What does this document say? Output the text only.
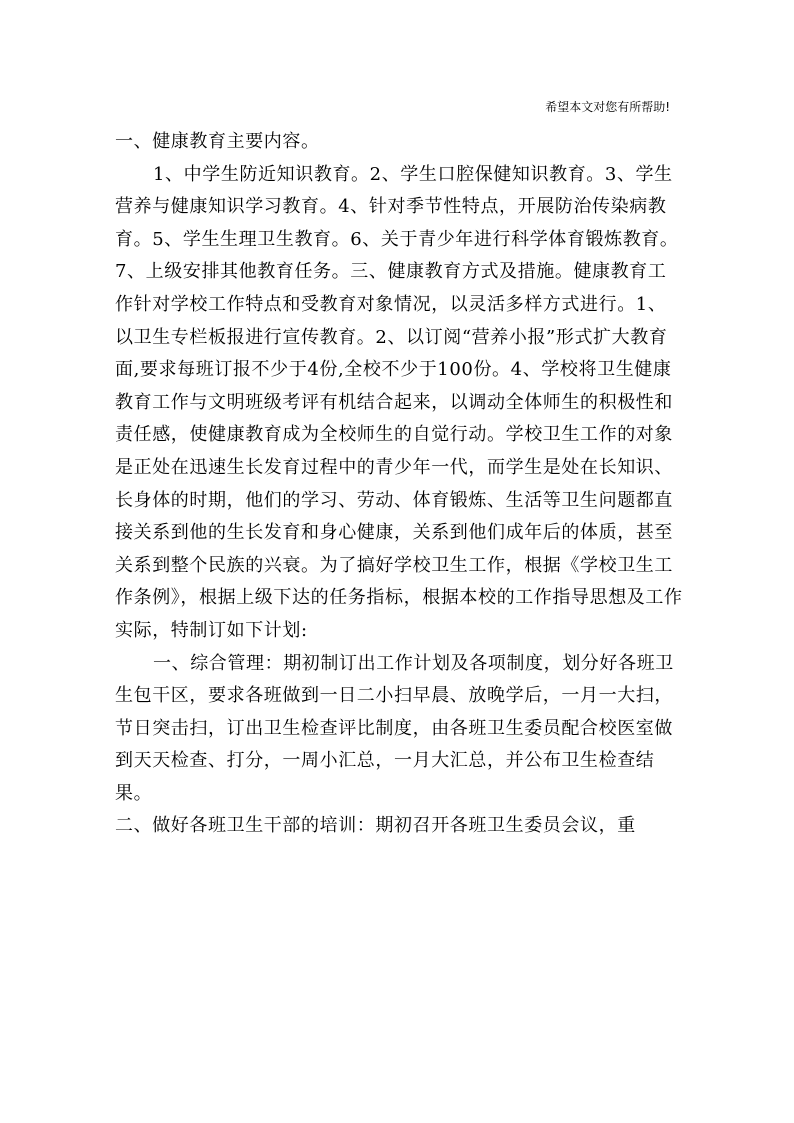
希望本文对您有所帮助!

一、健康教育主要内容。

1、中学生防近知识教育。2、学生口腔保健知识教育。3、学生营养与健康知识学习教育。4、针对季节性特点，开展防治传染病教育。5、学生生理卫生教育。6、关于青少年进行科学体育锻炼教育。7、上级安排其他教育任务。三、健康教育方式及措施。健康教育工作针对学校工作特点和受教育对象情况，以灵活多样方式进行。1、以卫生专栏板报进行宣传教育。2、以订阅“营养小报”形式扩大教育面,要求每班订报不少于4份,全校不少于100份。4、学校将卫生健康教育工作与文明班级考评有机结合起来，以调动全体师生的积极性和责任感，使健康教育成为全校师生的自觉行动。学校卫生工作的对象是正处在迅速生长发育过程中的青少年一代，而学生是处在长知识、长身体的时期，他们的学习、劳动、体育锻炼、生活等卫生问题都直接关系到他的生长发育和身心健康，关系到他们成年后的体质，甚至关系到整个民族的兴衰。为了搞好学校卫生工作，根据《学校卫生工作条例》，根据上级下达的任务指标，根据本校的工作指导思想及工作实际，特制订如下计划:

一、综合管理：期初制订出工作计划及各项制度，划分好各班卫生包干区，要求各班做到一日二小扫早晨、放晚学后，一月一大扫，节日突击扫，订出卫生检查评比制度，由各班卫生委员配合校医室做到天天检查、打分，一周小汇总，一月大汇总，并公布卫生检查结果。

二、做好各班卫生干部的培训：期初召开各班卫生委员会议，重
